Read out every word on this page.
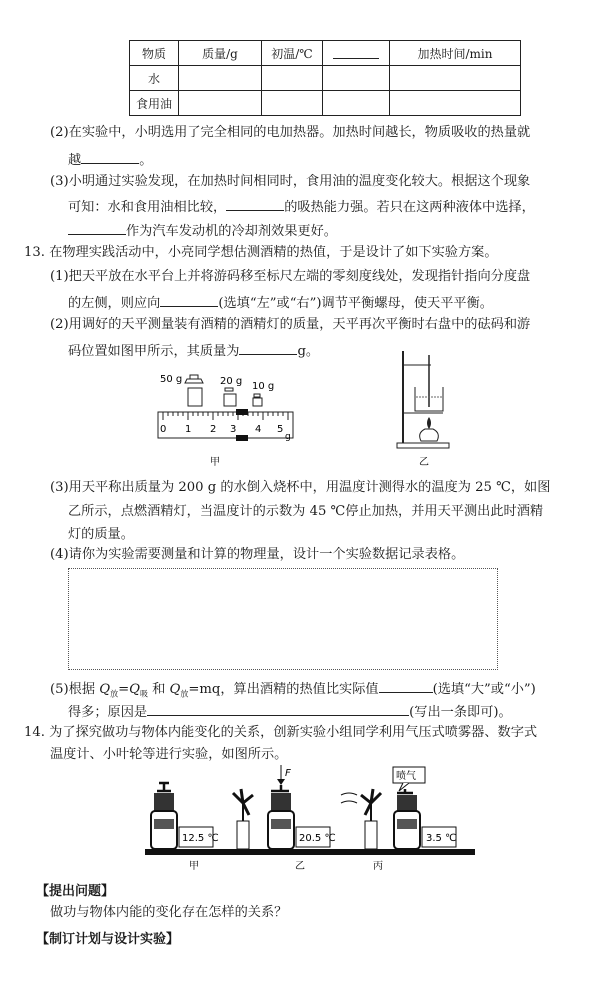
物质	质量/g	初温/℃		加热时间/min
水				
食用油				
(2)在实验中，小明选用了完全相同的电加热器。加热时间越长，物质吸收的热量就
越	。
(3)小明通过实验发现，在加热时间相同时，食用油的温度变化较大。根据这个现象
可知：水和食用油相比较，	的吸热能力强。若只在这两种液体中选择，
作为汽车发动机的冷却剂效果更好。
13. 在物理实践活动中，小亮同学想估测酒精的热值，于是设计了如下实验方案。
(1)把天平放在水平台上并将游码移至标尺左端的零刻度线处，发现指针指向分度盘
的左侧，则应向	(选填“左”或“右”)调节平衡螺母，使天平平衡。
(2)用调好的天平测量装有酒精的酒精灯的质量，天平再次平衡时右盘中的砝码和游
码位置如图甲所示，其质量为	g。
50 g	20 g 10 g
0 1 2 3 4 5
g
甲	乙
(3)用天平称出质量为 200 g 的水倒入烧杯中，用温度计测得水的温度为 25 ℃，如图
乙所示，点燃酒精灯，当温度计的示数为 45 ℃停止加热，并用天平测出此时酒精
灯的质量。
(4)请你为实验需要测量和计算的物理量，设计一个实验数据记录表格。
(5)根据 $Q_放=Q_吸$ 和 $Q_放=mq$，算出酒精的热值比实际值	(选填“大”或“小”)
得多；原因是	(写出一条即可)。
14. 为了探究做功与物体内能变化的关系，创新实验小组同学利用气压式喷雾器、数字式
温度计、小叶轮等进行实验，如图所示。
12.5 ℃
F
20.5 ℃
喷气
3.5 ℃
甲	乙	丙
【提出问题】
做功与物体内能的变化存在怎样的关系？
【制订计划与设计实验】
